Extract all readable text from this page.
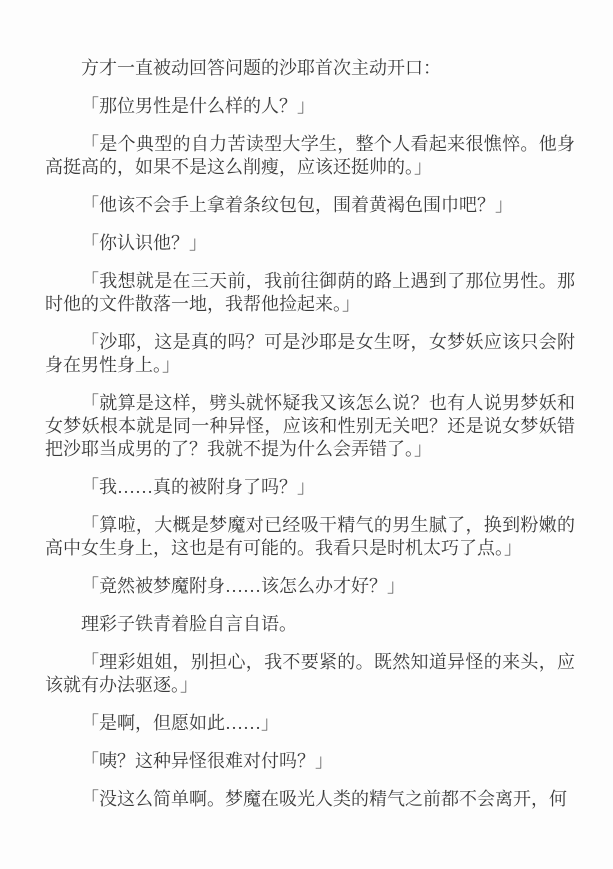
方才一直被动回答问题的沙耶首次主动开口：

「那位男性是什么样的人？」

「是个典型的自力苦读型大学生，整个人看起来很憔悴。他身高挺高的，如果不是这么削瘦，应该还挺帅的。」

「他该不会手上拿着条纹包包，围着黄褐色围巾吧？」

「你认识他？」

「我想就是在三天前，我前往御荫的路上遇到了那位男性。那时他的文件散落一地，我帮他捡起来。」

「沙耶，这是真的吗？可是沙耶是女生呀，女梦妖应该只会附身在男性身上。」

「就算是这样，劈头就怀疑我又该怎么说？也有人说男梦妖和女梦妖根本就是同一种异怪，应该和性别无关吧？还是说女梦妖错把沙耶当成男的了？我就不提为什么会弄错了。」

「我……真的被附身了吗？」

「算啦，大概是梦魔对已经吸干精气的男生腻了，换到粉嫩的高中女生身上，这也是有可能的。我看只是时机太巧了点。」

「竟然被梦魔附身……该怎么办才好？」

理彩子铁青着脸自言自语。

「理彩姐姐，别担心，我不要紧的。既然知道异怪的来头，应该就有办法驱逐。」

「是啊，但愿如此……」

「咦？这种异怪很难对付吗？」

「没这么简单啊。梦魔在吸光人类的精气之前都不会离开，何
